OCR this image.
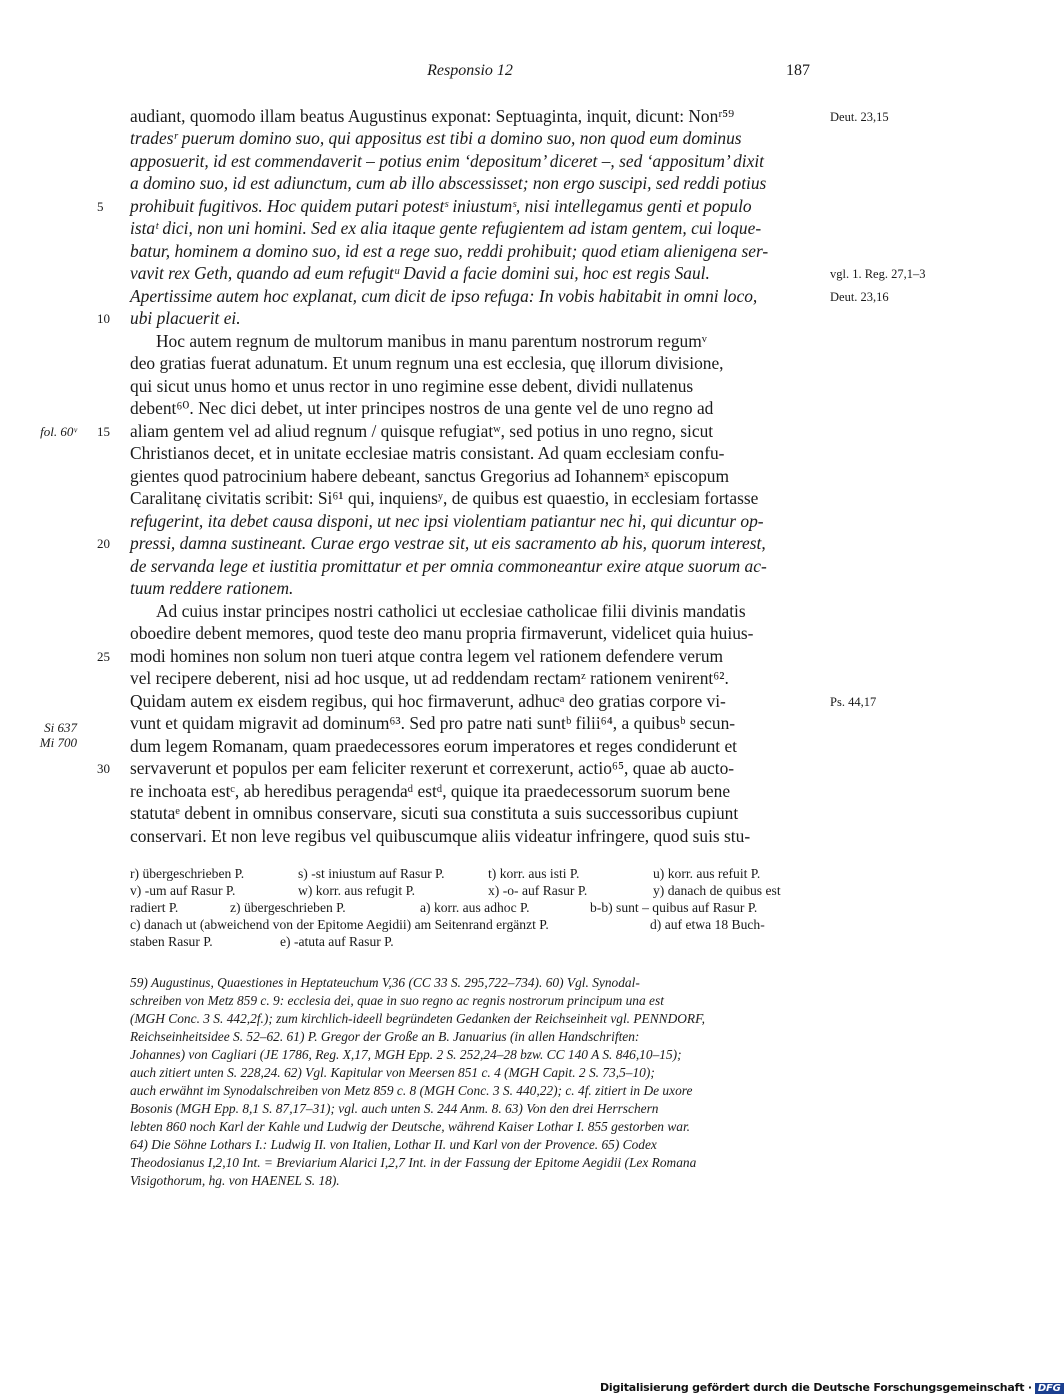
Responsio 12	187
audiant, quomodo illam beatus Augustinus exponat: Septuaginta, inquit, dicunt: Nonʳ⁵⁹
tradesʳ puerum domino suo, qui appositus est tibi a domino suo, non quod eum dominus
apposuerit, id est commendaverit – potius enim ‘depositum’ diceret –, sed ‘appositum’ dixit
a domino suo, id est adiunctum, cum ab illo abscessisset; non ergo suscipi, sed reddi potius
prohibuit fugitivos. Hoc quidem putari potestˢ iniustumˢ, nisi intellegamus genti et populo
istaᵗ dici, non uni homini. Sed ex alia itaque gente refugientem ad istam gentem, cui loque-
batur, hominem a domino suo, id est a rege suo, reddi prohibuit; quod etiam alienigena ser-
vavit rex Geth, quando ad eum refugitᵘ David a facie domini sui, hoc est regis Saul.
Apertissime autem hoc explanat, cum dicit de ipso refuga: In vobis habitabit in omni loco,
ubi placuerit ei.
Hoc autem regnum de multorum manibus in manu parentum nostrorum regumᵛ
deo gratias fuerat adunatum. Et unum regnum una est ecclesia, quę illorum divisione,
qui sicut unus homo et unus rector in uno regimine esse debent, dividi nullatenus
debent⁶⁰. Nec dici debet, ut inter principes nostros de una gente vel de uno regno ad
aliam gentem vel ad aliud regnum / quisque refugiatʷ, sed potius in uno regno, sicut
Christianos decet, et in unitate ecclesiae matris consistant. Ad quam ecclesiam confu-
gientes quod patrocinium habere debeant, sanctus Gregorius ad Iohannemˣ episcopum
Caralitanę civitatis scribit: Si⁶¹ qui, inquiensʸ, de quibus est quaestio, in ecclesiam fortasse
refugerint, ita debet causa disponi, ut nec ipsi violentiam patiantur nec hi, qui dicuntur op-
pressi, damna sustineant. Curae ergo vestrae sit, ut eis sacramento ab his, quorum interest,
de servanda lege et iustitia promittatur et per omnia commoneantur exire atque suorum ac-
tuum reddere rationem.
Ad cuius instar principes nostri catholici ut ecclesiae catholicae filii divinis mandatis
oboedire debent memores, quod teste deo manu propria firmaverunt, videlicet quia huius-
modi homines non solum non tueri atque contra legem vel rationem defendere verum
vel recipere deberent, nisi ad hoc usque, ut ad reddendam rectamᶻ rationem venirent⁶².
Quidam autem ex eisdem regibus, qui hoc firmaverunt, adhucᵃ deo gratias corpore vi-
vunt et quidam migravit ad dominum⁶³. Sed pro patre nati suntᵇ filii⁶⁴, a quibusᵇ secun-
dum legem Romanam, quam praedecessores eorum imperatores et reges condiderunt et
servaverunt et populos per eam feliciter rexerunt et correxerunt, actio⁶⁵, quae ab aucto-
re inchoata estᶜ, ab heredibus peragendaᵈ estᵈ, quique ita praedecessorum suorum bene
statutaᵉ debent in omnibus conservare, sicuti sua constituta a suis successoribus cupiunt
conservari. Et non leve regibus vel quibuscumque aliis videatur infringere, quod suis stu-
5
10
15
20
25
30
fol. 60ᵛ
Si 637
Mi 700
Deut. 23,15
vgl. 1. Reg. 27,1–3
Deut. 23,16
Ps. 44,17
r) übergeschrieben P.	s) -st iniustum auf Rasur P.	t) korr. aus isti P.	u) korr. aus refuit P.
v) -um auf Rasur P.	w) korr. aus refugit P.	x) -o- auf Rasur P.	y) danach de quibus est
radiert P.	z) übergeschrieben P.	a) korr. aus adhoc P.	b-b) sunt – quibus auf Rasur P.
c) danach ut (abweichend von der Epitome Aegidii) am Seitenrand ergänzt P.	d) auf etwa 18 Buch-
staben Rasur P.	e) -atuta auf Rasur P.
59) Augustinus, Quaestiones in Heptateuchum V,36 (CC 33 S. 295,722–734). 60) Vgl. Synodal-
schreiben von Metz 859 c. 9: ecclesia dei, quae in suo regno ac regnis nostrorum principum una est
(MGH Conc. 3 S. 442,2f.); zum kirchlich-ideell begründeten Gedanken der Reichseinheit vgl. PENNDORF,
Reichseinheitsidee S. 52–62. 61) P. Gregor der Große an B. Januarius (in allen Handschriften:
Johannes) von Cagliari (JE 1786, Reg. X,17, MGH Epp. 2 S. 252,24–28 bzw. CC 140 A S. 846,10–15);
auch zitiert unten S. 228,24. 62) Vgl. Kapitular von Meersen 851 c. 4 (MGH Capit. 2 S. 73,5–10);
auch erwähnt im Synodalschreiben von Metz 859 c. 8 (MGH Conc. 3 S. 440,22); c. 4f. zitiert in De uxore
Bosonis (MGH Epp. 8,1 S. 87,17–31); vgl. auch unten S. 244 Anm. 8. 63) Von den drei Herrschern
lebten 860 noch Karl der Kahle und Ludwig der Deutsche, während Kaiser Lothar I. 855 gestorben war.
64) Die Söhne Lothars I.: Ludwig II. von Italien, Lothar II. und Karl von der Provence. 65) Codex
Theodosianus I,2,10 Int. = Breviarium Alarici I,2,7 Int. in der Fassung der Epitome Aegidii (Lex Romana
Visigothorum, hg. von HAENEL S. 18).
Digitalisierung gefördert durch die Deutsche Forschungsgemeinschaft · DFG
